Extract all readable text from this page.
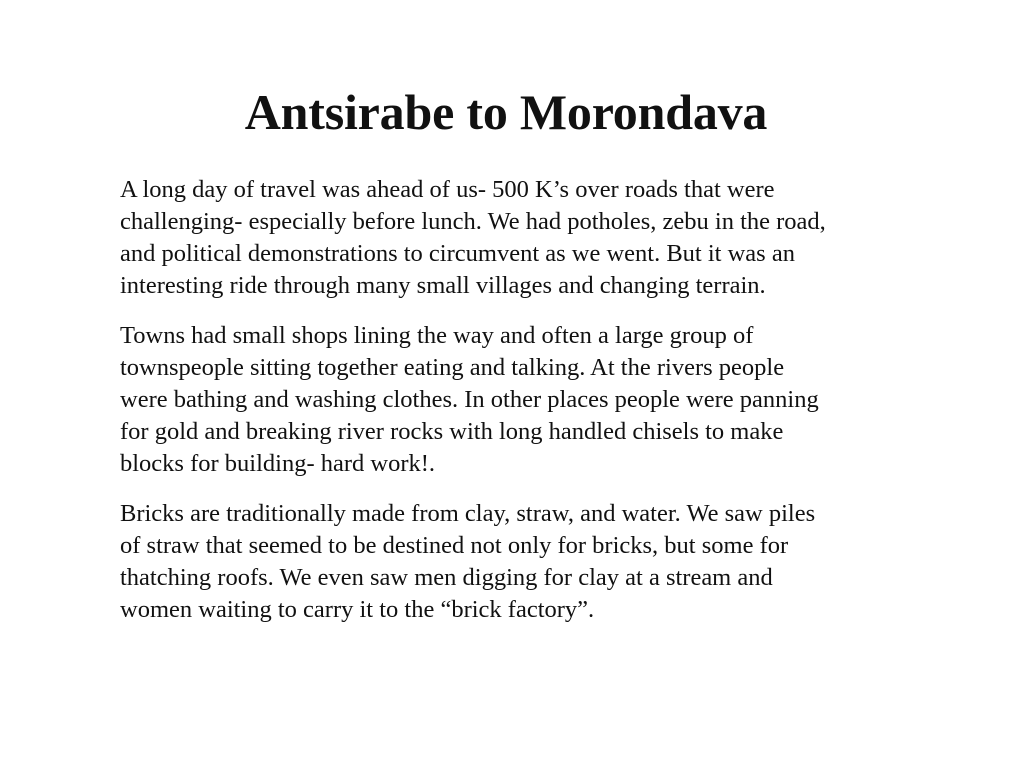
Antsirabe to Morondava

A long day of travel was ahead of us- 500 K’s over roads that were
challenging- especially before lunch. We had potholes, zebu in the road,
and political demonstrations to circumvent as we went. But it was an
interesting ride through many small villages and changing terrain.

Towns had small shops lining the way and often a large group of
townspeople sitting together eating and talking. At the rivers people
were bathing and washing clothes. In other places people were panning
for gold and breaking river rocks with long handled chisels to make
blocks for building- hard work!.

Bricks are traditionally made from clay, straw, and water. We saw piles
of straw that seemed to be destined not only for bricks, but some for
thatching roofs. We even saw men digging for clay at a stream and
women waiting to carry it to the “brick factory”.
